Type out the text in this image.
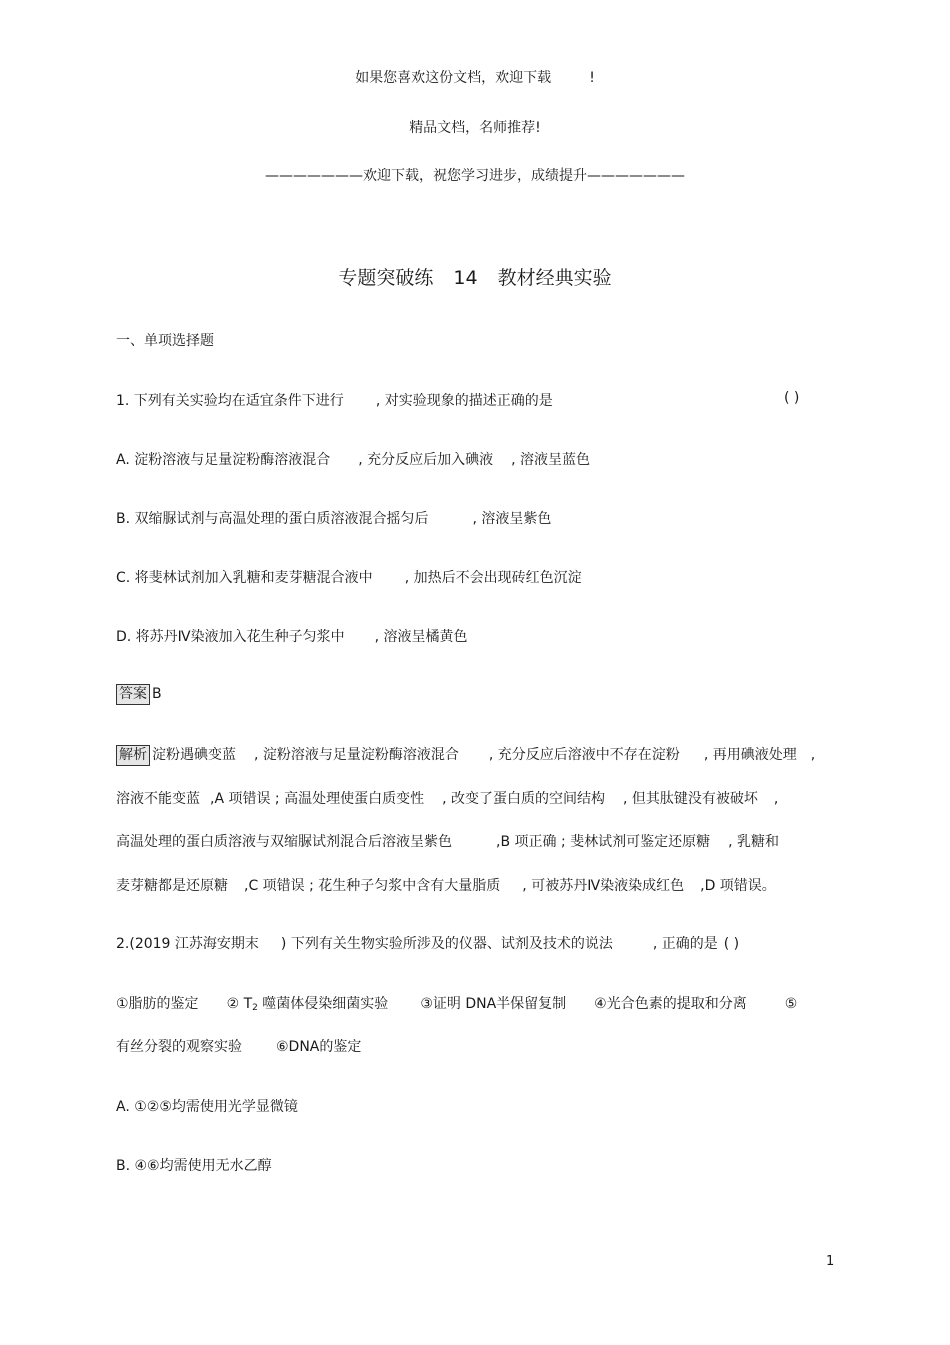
如果您喜欢这份文档，欢迎下载	!
精品文档，名师推荐!
———————欢迎下载，祝您学习进步，成绩提升———————
专题突破练 14 教材经典实验
一、单项选择题
1. 下列有关实验均在适宜条件下进行 , 对实验现象的描述正确的是	( )
A. 淀粉溶液与足量淀粉酶溶液混合 , 充分反应后加入碘液 , 溶液呈蓝色
B. 双缩脲试剂与高温处理的蛋白质溶液混合摇匀后	, 溶液呈紫色
C. 将斐林试剂加入乳糖和麦芽糖混合液中 , 加热后不会出现砖红色沉淀
D. 将苏丹Ⅳ染液加入花生种子匀浆中 , 溶液呈橘黄色
答案 B
解析 淀粉遇碘变蓝 , 淀粉溶液与足量淀粉酶溶液混合 , 充分反应后溶液中不存在淀粉 , 再用碘液处理 ,
溶液不能变蓝 ,A 项错误 ; 高温处理使蛋白质变性 , 改变了蛋白质的空间结构 , 但其肽键没有被破坏 ,
高温处理的蛋白质溶液与双缩脲试剂混合后溶液呈紫色	,B 项正确 ; 斐林试剂可鉴定还原糖 , 乳糖和
麦芽糖都是还原糖 ,C 项错误 ; 花生种子匀浆中含有大量脂质 , 可被苏丹Ⅳ染液染成红色 ,D 项错误。
2.(2019 江苏海安期末 ) 下列有关生物实验所涉及的仪器、试剂及技术的说法	, 正确的是 ( )
①脂肪的鉴定 ② $T_2$ 噬菌体侵染细菌实验 ③证明 DNA半保留复制 ④光合色素的提取和分离	⑤
有丝分裂的观察实验 ⑥DNA的鉴定
A. ①②⑤均需使用光学显微镜
B. ④⑥均需使用无水乙醇
1
